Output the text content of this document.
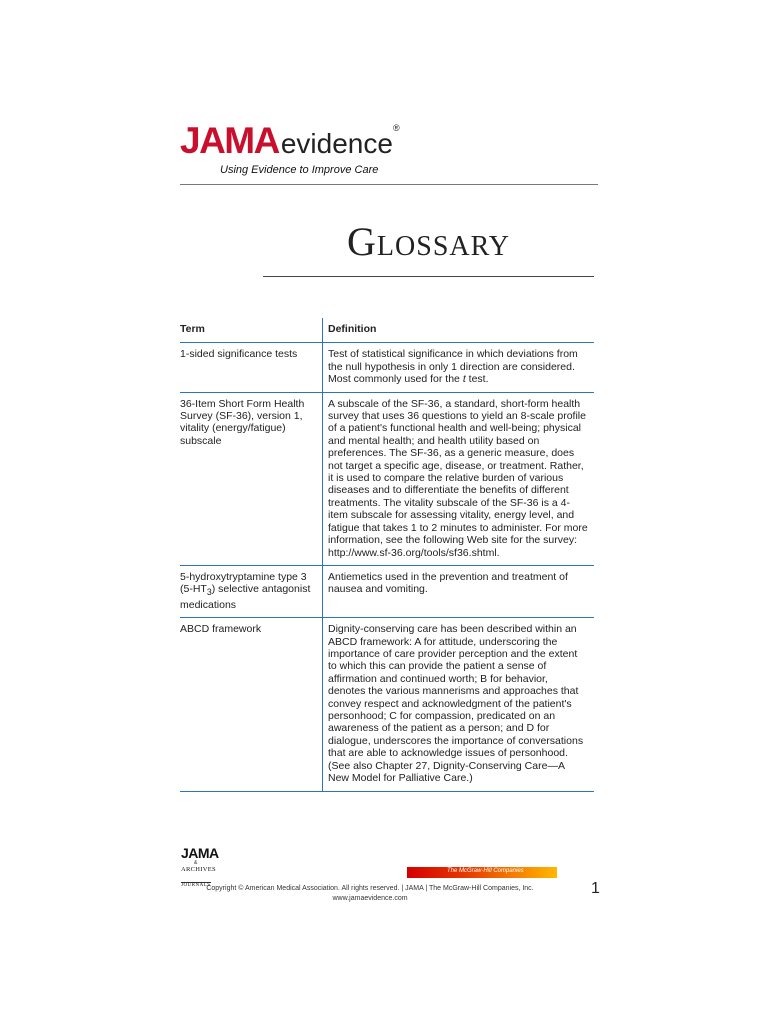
JAMAevidence®
Using Evidence to Improve Care
Glossary
Term	Definition
1-sided significance tests	Test of statistical significance in which deviations from the null hypothesis in only 1 direction are considered. Most commonly used for the t test.
36-Item Short Form Health Survey (SF-36), version 1, vitality (energy/fatigue) subscale	A subscale of the SF-36, a standard, short-form health survey that uses 36 questions to yield an 8-scale profile of a patient's functional health and well-being; physical and mental health; and health utility based on preferences. The SF-36, as a generic measure, does not target a specific age, disease, or treatment. Rather, it is used to compare the relative burden of various diseases and to differentiate the benefits of different treatments. The vitality subscale of the SF-36 is a 4-item subscale for assessing vitality, energy level, and fatigue that takes 1 to 2 minutes to administer. For more information, see the following Web site for the survey: http://www.sf-36.org/tools/sf36.shtml.
5-hydroxytryptamine type 3 $(5-HT_3)$ selective antagonist medications	Antiemetics used in the prevention and treatment of nausea and vomiting.
ABCD framework	Dignity-conserving care has been described within an ABCD framework: A for attitude, underscoring the importance of care provider perception and the extent to which this can provide the patient a sense of affirmation and continued worth; B for behavior, denotes the various mannerisms and approaches that convey respect and acknowledgment of the patient's personhood; C for compassion, predicated on an awareness of the patient as a person; and D for dialogue, underscores the importance of conversations that are able to acknowledge issues of personhood. (See also Chapter 27, Dignity-Conserving Care—A New Model for Palliative Care.)
JAMA
&
ARCHIVES
JOURNALS
The McGraw·Hill Companies
Copyright © American Medical Association. All rights reserved. | JAMA | The McGraw-Hill Companies, Inc.
www.jamaevidence.com
1
